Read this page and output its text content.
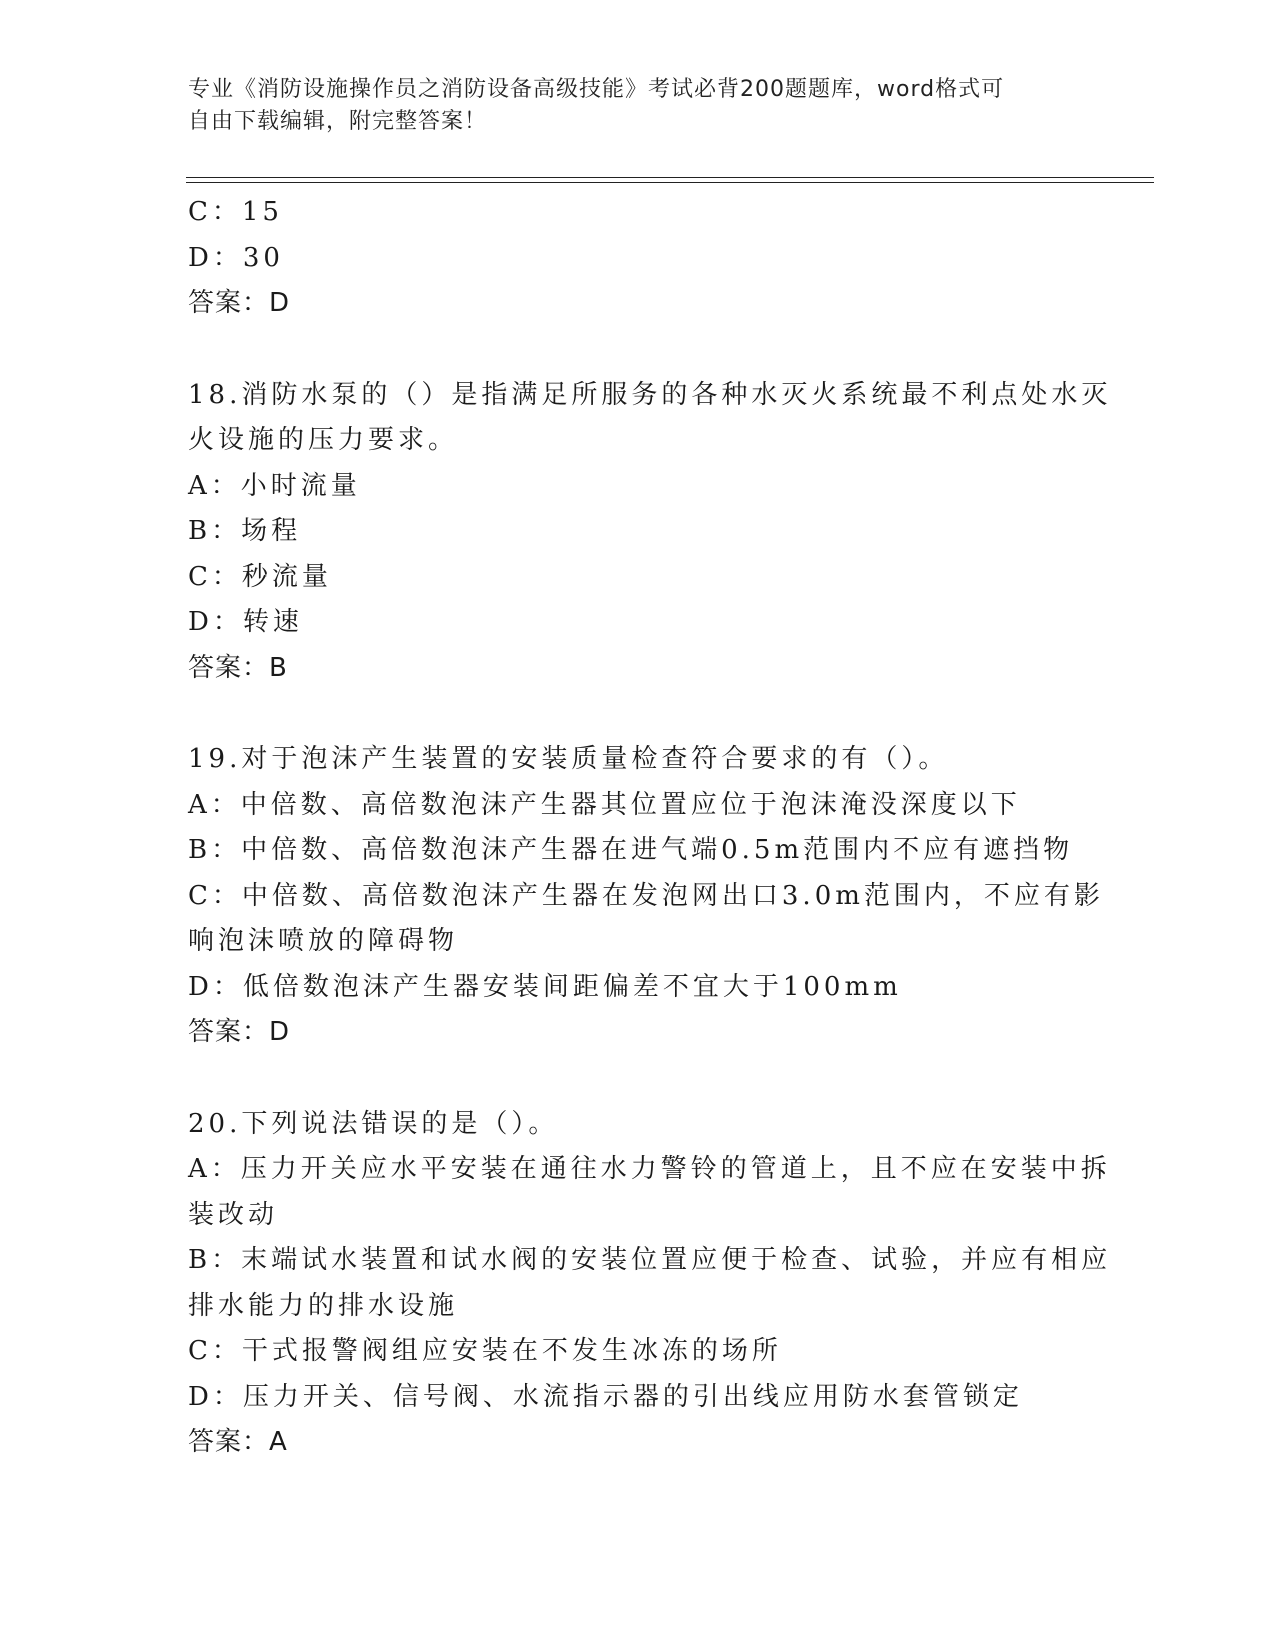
专业《消防设施操作员之消防设备高级技能》考试必背200题题库，word格式可
自由下载编辑，附完整答案！
C：15
D：30
答案：D
18.消防水泵的（）是指满足所服务的各种水灭火系统最不利点处水灭
火设施的压力要求。
A：小时流量
B：场程
C：秒流量
D：转速
答案：B
19.对于泡沫产生装置的安装质量检查符合要求的有（）。
A：中倍数、高倍数泡沫产生器其位置应位于泡沫淹没深度以下
B：中倍数、高倍数泡沫产生器在进气端0.5m范围内不应有遮挡物
C：中倍数、高倍数泡沫产生器在发泡网出口3.0m范围内，不应有影
响泡沫喷放的障碍物
D：低倍数泡沫产生器安装间距偏差不宜大于100mm
答案：D
20.下列说法错误的是（）。
A：压力开关应水平安装在通往水力警铃的管道上，且不应在安装中拆
装改动
B：末端试水装置和试水阀的安装位置应便于检查、试验，并应有相应
排水能力的排水设施
C：干式报警阀组应安装在不发生冰冻的场所
D：压力开关、信号阀、水流指示器的引出线应用防水套管锁定
答案：A
